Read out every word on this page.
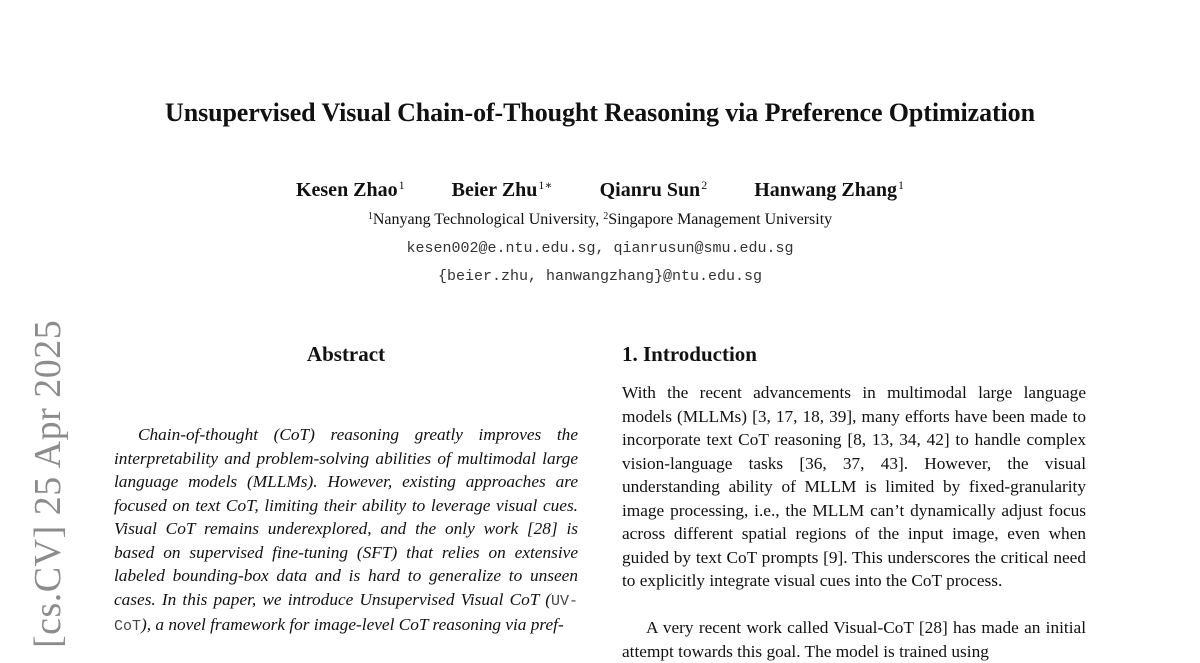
[cs.CV] 25 Apr 2025
Unsupervised Visual Chain-of-Thought Reasoning via Preference Optimization
Kesen Zhao$^1$ Beier Zhu$^{1∗}$ Qianru Sun$^2$ Hanwang Zhang$^1$
$^1$Nanyang Technological University, $^2$Singapore Management University
kesen002@e.ntu.edu.sg, qianrusun@smu.edu.sg
{beier.zhu, hanwangzhang}@ntu.edu.sg
Abstract

Chain-of-thought (CoT) reasoning greatly improves the interpretability and problem-solving abilities of multimodal large language models (MLLMs). However, existing approaches are focused on text CoT, limiting their ability to leverage visual cues. Visual CoT remains underexplored, and the only work [28] is based on supervised fine-tuning (SFT) that relies on extensive labeled bounding-box data and is hard to generalize to unseen cases. In this paper, we introduce Unsupervised Visual CoT (UV-CoT), a novel framework for image-level CoT reasoning via pref-

1. Introduction

With the recent advancements in multimodal large language models (MLLMs) [3, 17, 18, 39], many efforts have been made to incorporate text CoT reasoning [8, 13, 34, 42] to handle complex vision-language tasks [36, 37, 43]. However, the visual understanding ability of MLLM is limited by fixed-granularity image processing, i.e., the MLLM can’t dynamically adjust focus across different spatial regions of the input image, even when guided by text CoT prompts [9]. This underscores the critical need to explicitly integrate visual cues into the CoT process.

A very recent work called Visual-CoT [28] has made an initial attempt towards this goal. The model is trained using
